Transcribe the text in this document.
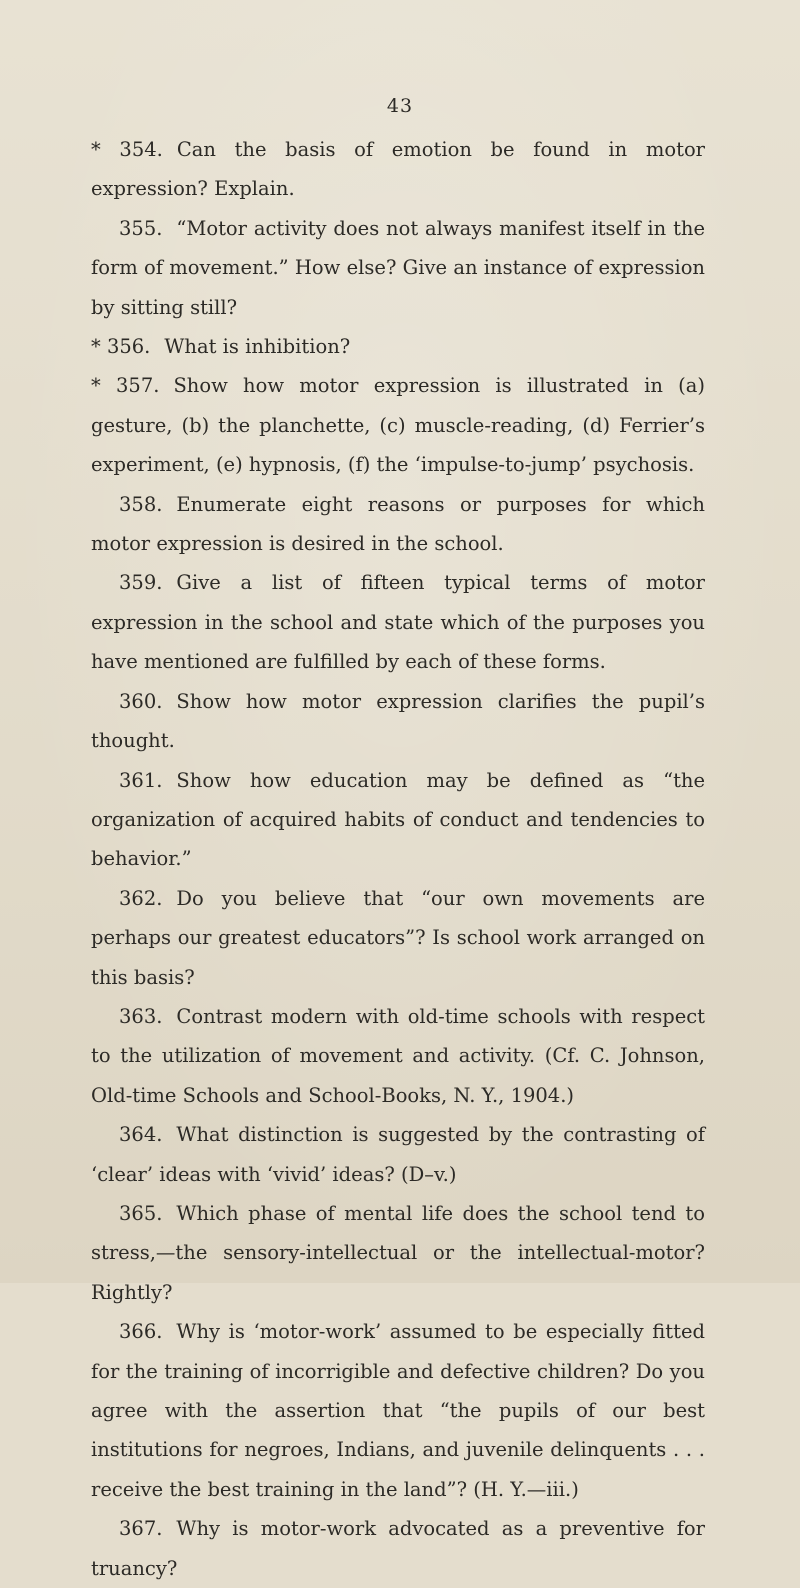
43

* 354. Can the basis of emotion be found in motor expression? Explain.

355. “Motor activity does not always manifest itself in the form of movement.” How else? Give an instance of expression by sitting still?

* 356. What is inhibition?

* 357. Show how motor expression is illustrated in (a) gesture, (b) the planchette, (c) muscle-reading, (d) Ferrier’s experiment, (e) hypnosis, (f) the ‘impulse-to-jump’ psychosis.

358. Enumerate eight reasons or purposes for which motor expression is desired in the school.

359. Give a list of fifteen typical terms of motor expression in the school and state which of the purposes you have mentioned are fulfilled by each of these forms.

360. Show how motor expression clarifies the pupil’s thought.

361. Show how education may be defined as “the organization of acquired habits of conduct and tendencies to behavior.”

362. Do you believe that “our own movements are perhaps our greatest educators”? Is school work arranged on this basis?

363. Contrast modern with old-time schools with respect to the utilization of movement and activity. (Cf. C. Johnson, Old-time Schools and School-Books, N. Y., 1904.)

364. What distinction is suggested by the contrasting of ‘clear’ ideas with ‘vivid’ ideas? (D–v.)

365. Which phase of mental life does the school tend to stress,—the sensory-intellectual or the intellectual-motor? Rightly?

366. Why is ‘motor-work’ assumed to be especially fitted for the training of incorrigible and defective children? Do you agree with the assertion that “the pupils of our best institutions for negroes, Indians, and juvenile delinquents . . . receive the best training in the land”? (H. Y.—iii.)

367. Why is motor-work advocated as a preventive for truancy?
